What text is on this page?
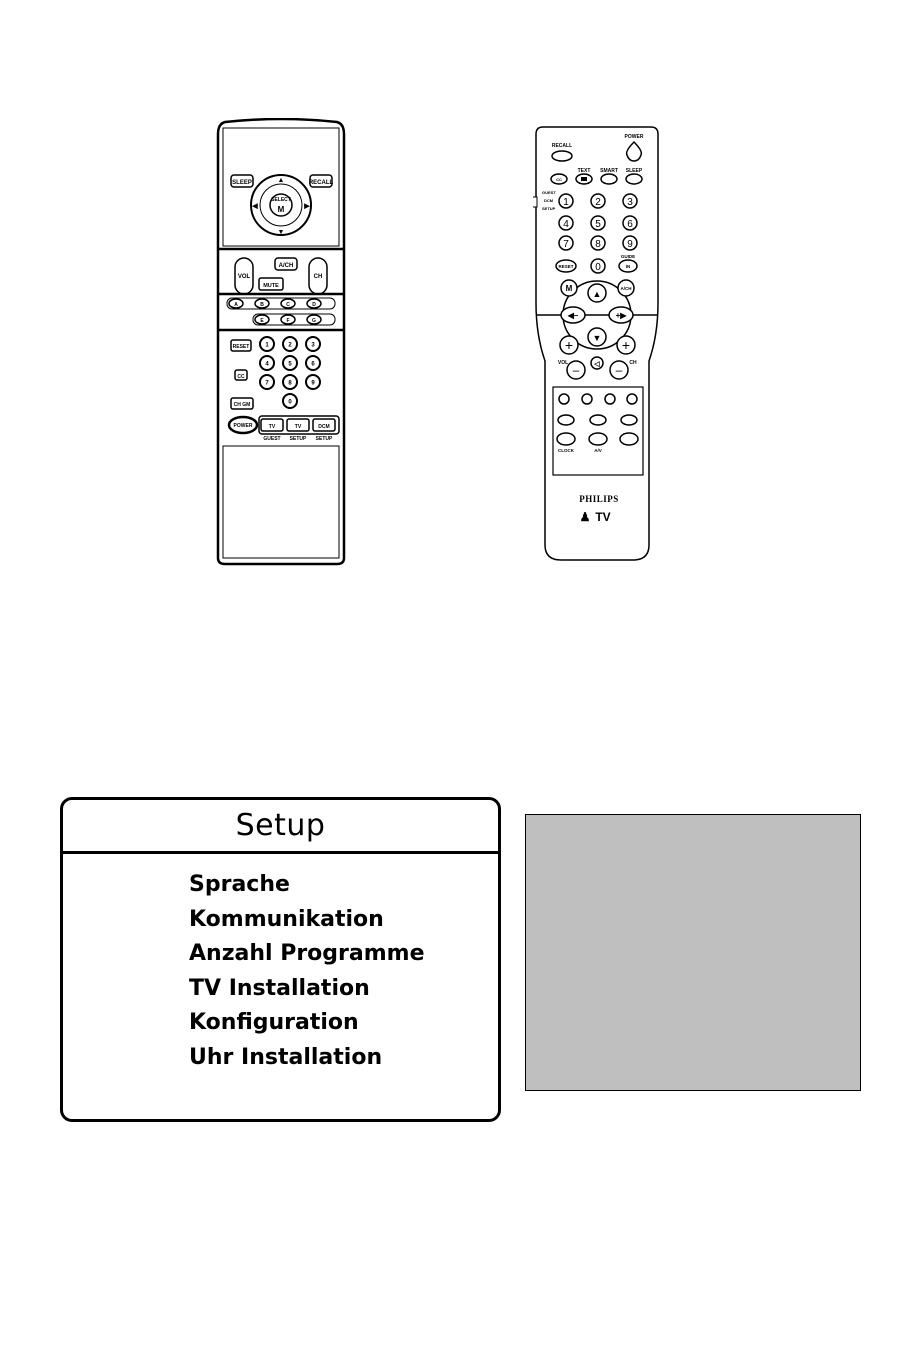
SLEEP	RECALL
▲
▼
◀	▶
SELECT
M
VOL
A/CH
CH
MUTE
A	B	C	D
E	F	G
RESET
CC
1	2	3
4	5	6
7	8	9
0
CH GM
POWER	TV	TV	DCM
GUEST SETUP SETUP
RECALL
POWER
TEXT SMART SLEEP
CC
GUEST
DCM
SETUP
1	2	3
4	5	6
7	8	9
0
RESET
GUIDE
IN
M	A/CH
▲
▼
◀–	+▶
+	+
VOL	CH
◁
–	–
CLOCK	A/V
PHILIPS
♟ TV
Setup
Sprache
Kommunikation
Anzahl Programme
TV Installation
Konfiguration
Uhr Installation
